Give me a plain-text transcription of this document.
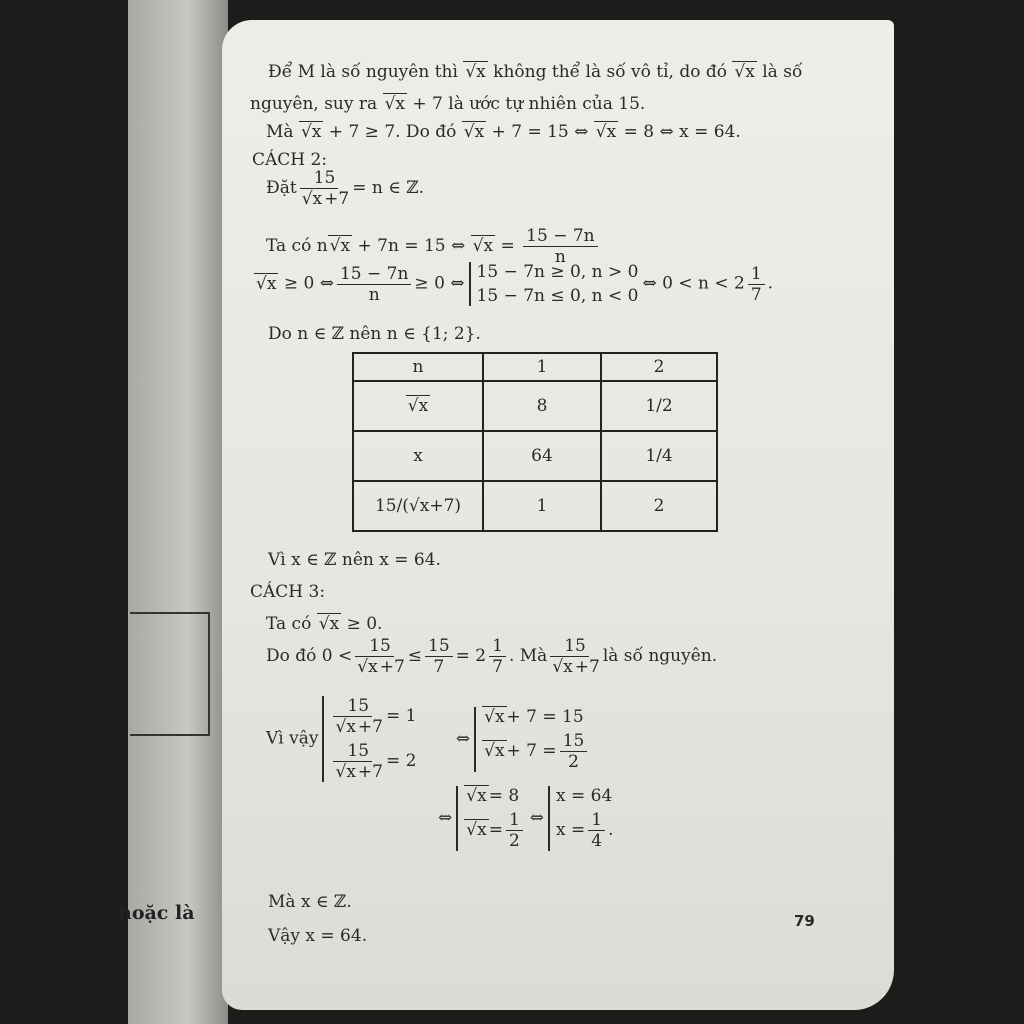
hoặc là
Để M là số nguyên thì √ x không thể là số vô tỉ, do đó √ x là số
nguyên, suy ra √ x + 7 là ước tự nhiên của 15.
Mà √ x + 7 ≥ 7. Do đó √ x + 7 = 15 ⇔ √ x = 8 ⇔ x = 64.
CÁCH 2:
Đặt 15
√ x +7 = n ∈ ℤ.
Ta có n √ x + 7n = 15 ⇔ √ $x = \frac{15 - 7n}{n}$
√ x ≥ 0 ⇔ $\frac{15 - 7n}{n} \ge 0$ ⇔
15 − 7n ≥ 0, n > 0
15 − 7n ≤ 0, n < 0
⇔ $0 < n < 2 \frac{1}{7}$ .
Do n ∈ ℤ nên n ∈ {1; 2}.
n	1	2
√ x	8	1/2
x	64	1/4
15/(√x+7)	1	2
Vì x ∈ ℤ nên x = 64.
CÁCH 3:
Ta có √ x ≥ 0.
Do đó 0 < 15
√ $x +7 \le \frac{15}{7} = 2 \frac{1}{7}$ . Mà 15
√ x +7 là số nguyên.
Vì vậy
15
√ x +7 = 1
15
√ x +7 = 2
⇔
√ x + 7 = 15
√ $x + 7 = \frac{15}{2}$
⇔
√ x = 8
√ $x = \frac{1}{2}$ ⇔
x = 64
$x = \frac{1}{4}$ .
Mà x ∈ ℤ.
Vậy x = 64.
79
